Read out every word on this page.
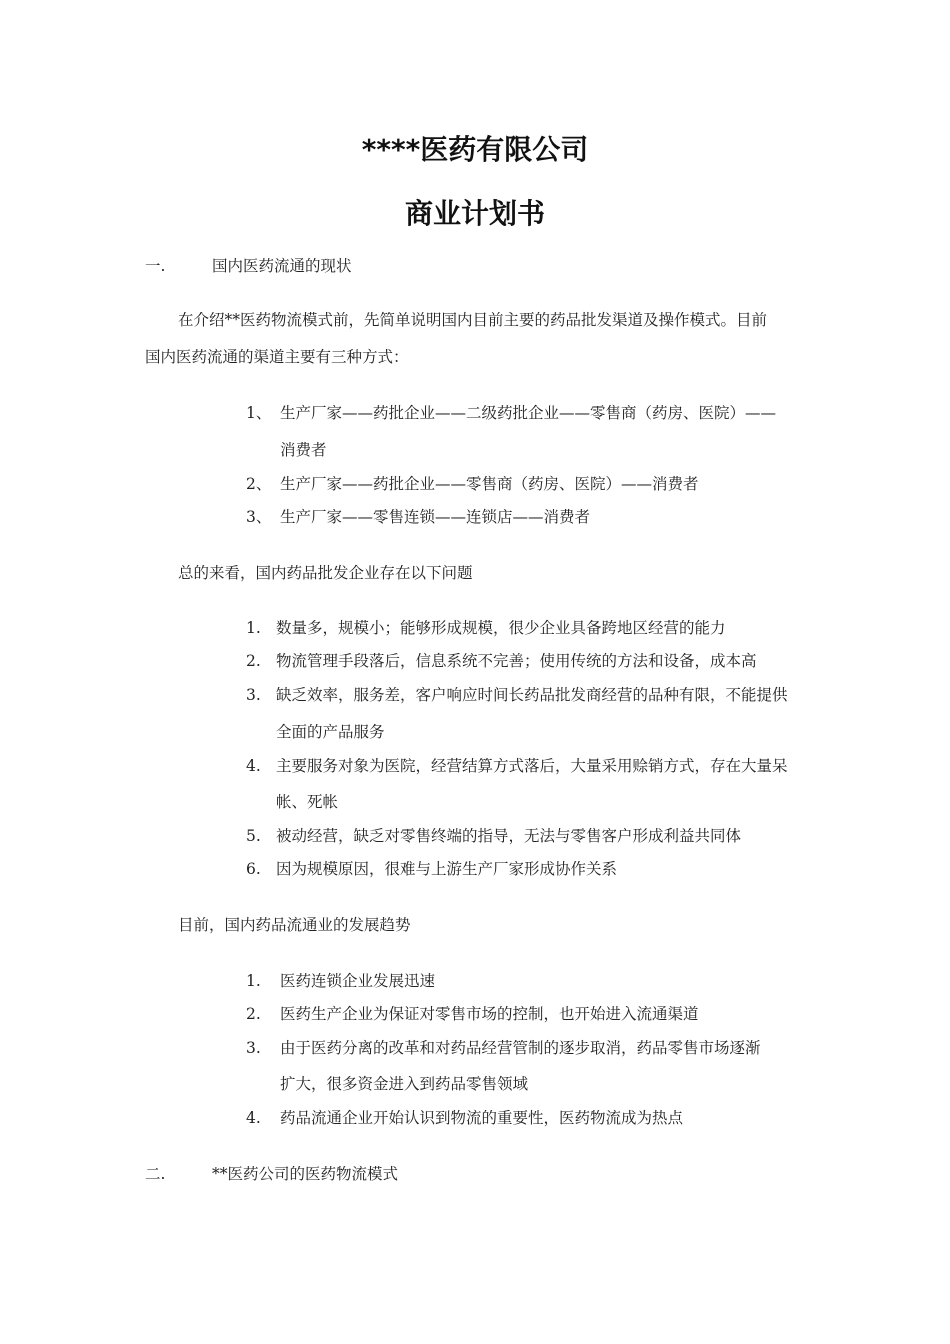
****医药有限公司
商业计划书
一.	国内医药流通的现状
在介绍**医药物流模式前，先简单说明国内目前主要的药品批发渠道及操作模式。目前
国内医药流通的渠道主要有三种方式：
1、 生产厂家——药批企业——二级药批企业——零售商（药房、医院）——
消费者
2、 生产厂家——药批企业——零售商（药房、医院）——消费者
3、 生产厂家——零售连锁——连锁店——消费者
总的来看，国内药品批发企业存在以下问题
1. 数量多，规模小；能够形成规模，很少企业具备跨地区经营的能力
2. 物流管理手段落后，信息系统不完善；使用传统的方法和设备，成本高
3. 缺乏效率，服务差，客户响应时间长药品批发商经营的品种有限，不能提供
全面的产品服务
4. 主要服务对象为医院，经营结算方式落后，大量采用赊销方式，存在大量呆
帐、死帐
5. 被动经营，缺乏对零售终端的指导，无法与零售客户形成利益共同体
6. 因为规模原因，很难与上游生产厂家形成协作关系
目前，国内药品流通业的发展趋势
1. 医药连锁企业发展迅速
2. 医药生产企业为保证对零售市场的控制，也开始进入流通渠道
3. 由于医药分离的改革和对药品经营管制的逐步取消，药品零售市场逐渐
扩大，很多资金进入到药品零售领域
4. 药品流通企业开始认识到物流的重要性，医药物流成为热点
二.	**医药公司的医药物流模式
